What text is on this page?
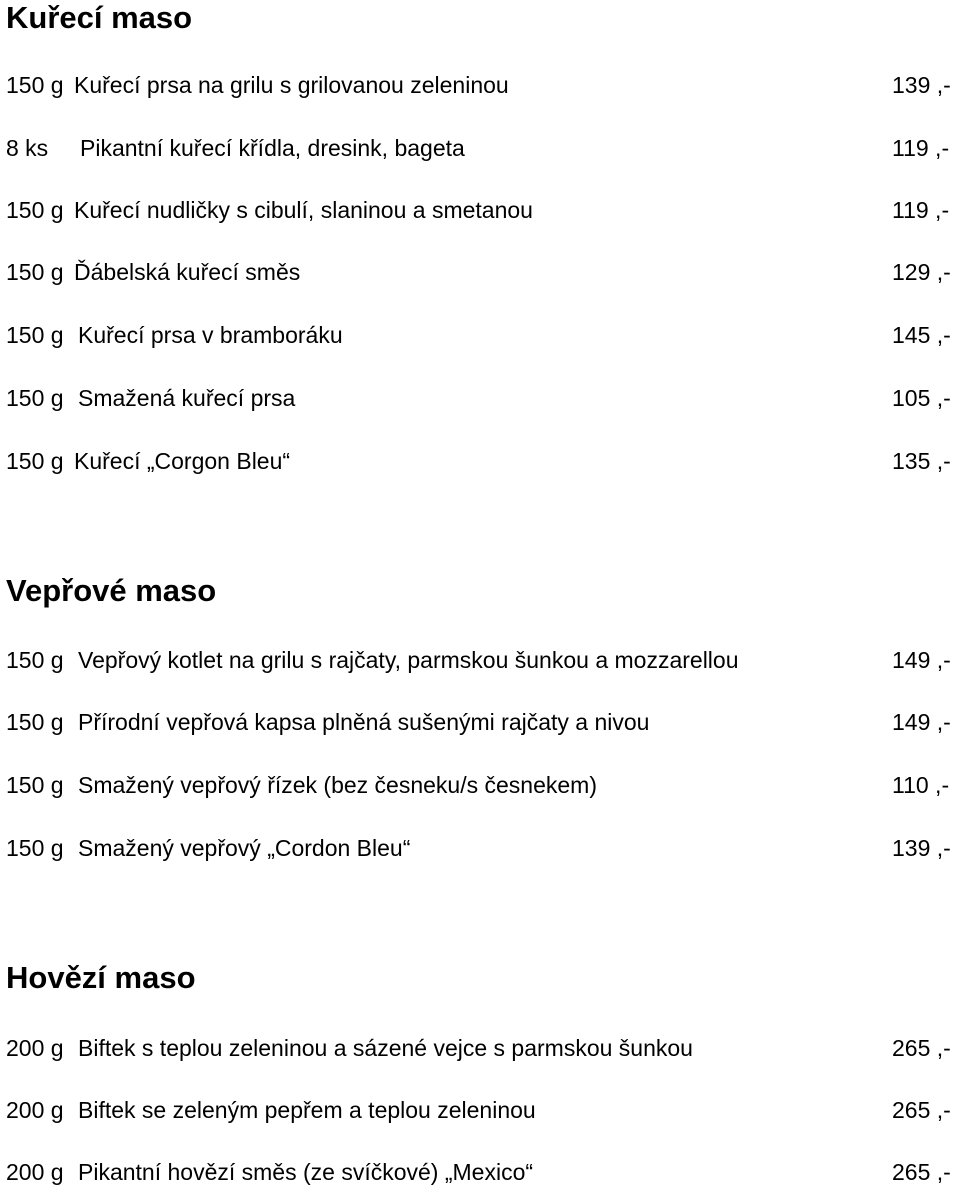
Kuřecí maso
150 g Kuřecí prsa na grilu s grilovanou zeleninou	139 ,-
8 ks Pikantní kuřecí křídla, dresink, bageta	119 ,-
150 g Kuřecí nudličky s cibulí, slaninou a smetanou	119 ,-
150 g Ďábelská kuřecí směs	129 ,-
150 g Kuřecí prsa v bramboráku	145 ,-
150 g Smažená kuřecí prsa	105 ,-
150 g Kuřecí „Corgon Bleu“	135 ,-
Vepřové maso
150 g Vepřový kotlet na grilu s rajčaty, parmskou šunkou a mozzarellou	149 ,-
150 g Přírodní vepřová kapsa plněná sušenými rajčaty a nivou	149 ,-
150 g Smažený vepřový řízek (bez česneku/s česnekem)	110 ,-
150 g Smažený vepřový „Cordon Bleu“	139 ,-
Hovězí maso
200 g Biftek s teplou zeleninou a sázené vejce s parmskou šunkou	265 ,-
200 g Biftek se zeleným pepřem a teplou zeleninou	265 ,-
200 g Pikantní hovězí směs (ze svíčkové) „Mexico“	265 ,-
